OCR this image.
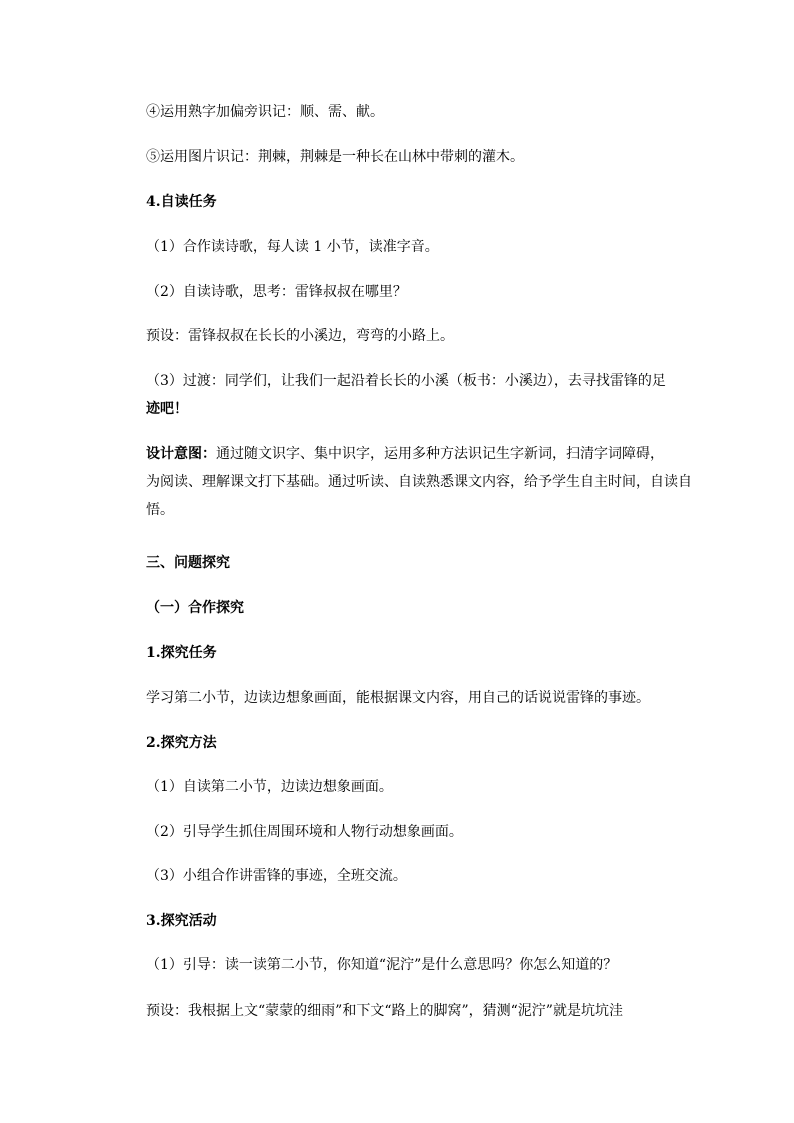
④运用熟字加偏旁识记：顺、需、献。

⑤运用图片识记：荆棘，荆棘是一种长在山林中带刺的灌木。

4.自读任务

（1）合作读诗歌，每人读 1 小节，读准字音。

（2）自读诗歌，思考：雷锋叔叔在哪里？

预设：雷锋叔叔在长长的小溪边，弯弯的小路上。

（3）过渡：同学们，让我们一起沿着长长的小溪（板书：小溪边），去寻找雷锋的足

迹吧！

设计意图：通过随文识字、集中识字，运用多种方法识记生字新词，扫清字词障碍，

为阅读、理解课文打下基础。通过听读、自读熟悉课文内容，给予学生自主时间，自读自

悟。

三、问题探究

（一）合作探究

1.探究任务

学习第二小节，边读边想象画面，能根据课文内容，用自己的话说说雷锋的事迹。

2.探究方法

（1）自读第二小节，边读边想象画面。

（2）引导学生抓住周围环境和人物行动想象画面。

（3）小组合作讲雷锋的事迹，全班交流。

3.探究活动

（1）引导：读一读第二小节，你知道“泥泞”是什么意思吗？你怎么知道的？

预设：我根据上文“蒙蒙的细雨”和下文“路上的脚窝”，猜测“泥泞”就是坑坑洼
